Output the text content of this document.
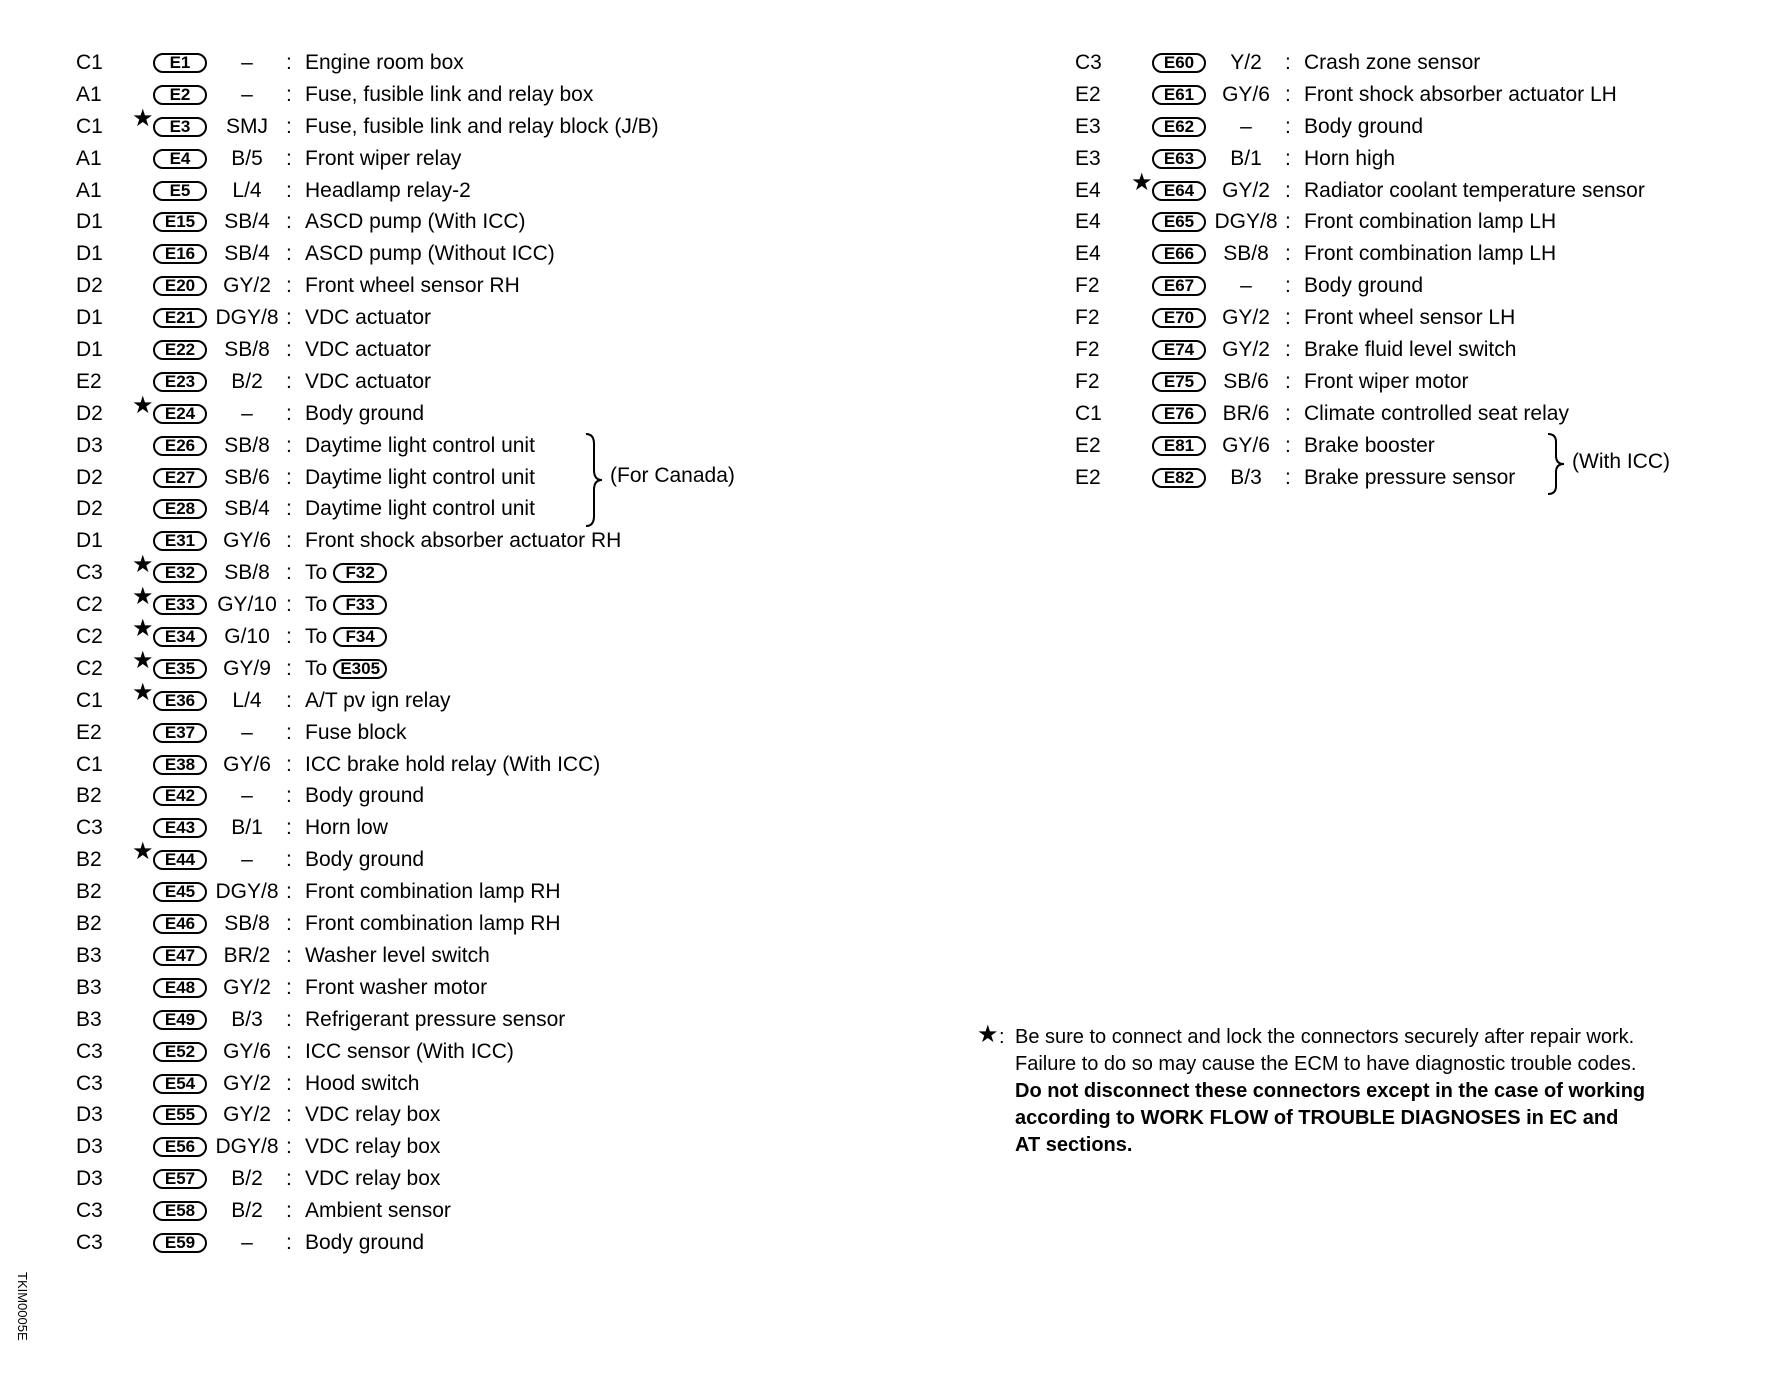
C1	E1	–	: Engine room box
A1	E2	–	: Fuse, fusible link and relay box
C1 ★ E3	SMJ : Fuse, fusible link and relay block (J/B)
A1	E4	B/5	: Front wiper relay
A1	E5	L/4	: Headlamp relay-2
D1	E15	SB/4 : ASCD pump (With ICC)
D1	E16	SB/4 : ASCD pump (Without ICC)
D2	E20	GY/2 : Front wheel sensor RH
D1	E21 DGY/8 : VDC actuator
D1	E22	SB/8 : VDC actuator
E2	E23	B/2	: VDC actuator
D2 ★ E24	–	: Body ground
D3	E26	SB/8 : Daytime light control unit
D2	E27	SB/6 : Daytime light control unit
D2	E28	SB/4 : Daytime light control unit
D1	E31	GY/6 : Front shock absorber actuator RH
C3 ★ E32	SB/8 : To F32
C2 ★ E33	GY/10 : To F33
C2 ★ E34	G/10 : To F34
C2 ★ E35	GY/9 : To E305
C1 ★ E36	L/4	: A/T pv ign relay
E2	E37	–	: Fuse block
C1	E38	GY/6 : ICC brake hold relay (With ICC)
B2	E42	–	: Body ground
C3	E43	B/1	: Horn low
B2 ★ E44	–	: Body ground
B2	E45 DGY/8 : Front combination lamp RH
B2	E46	SB/8 : Front combination lamp RH
B3	E47	BR/2 : Washer level switch
B3	E48	GY/2 : Front washer motor
B3	E49	B/3	: Refrigerant pressure sensor
C3	E52	GY/6 : ICC sensor (With ICC)
C3	E54	GY/2 : Hood switch
D3	E55	GY/2 : VDC relay box
D3	E56 DGY/8 : VDC relay box
D3	E57	B/2	: VDC relay box
C3	E58	B/2	: Ambient sensor
C3	E59	–	: Body ground
C3	E60	Y/2	: Crash zone sensor
E2	E61	GY/6 : Front shock absorber actuator LH
E3	E62	–	: Body ground
E3	E63	B/1	: Horn high
E4 ★ E64	GY/2 : Radiator coolant temperature sensor
E4	E65 DGY/8 : Front combination lamp LH
E4	E66	SB/8 : Front combination lamp LH
F2	E67	–	: Body ground
F2	E70	GY/2 : Front wheel sensor LH
F2	E74	GY/2 : Brake fluid level switch
F2	E75	SB/6 : Front wiper motor
C1	E76	BR/6 : Climate controlled seat relay
E2	E81	GY/6 : Brake booster
E2	E82	B/3	: Brake pressure sensor
(For Canada)
(With ICC)
★ : Be sure to connect and lock the connectors securely after repair work.
Failure to do so may cause the ECM to have diagnostic trouble codes.
Do not disconnect these connectors except in the case of working
according to WORK FLOW of TROUBLE DIAGNOSES in EC and
AT sections.
TKIM0005E
